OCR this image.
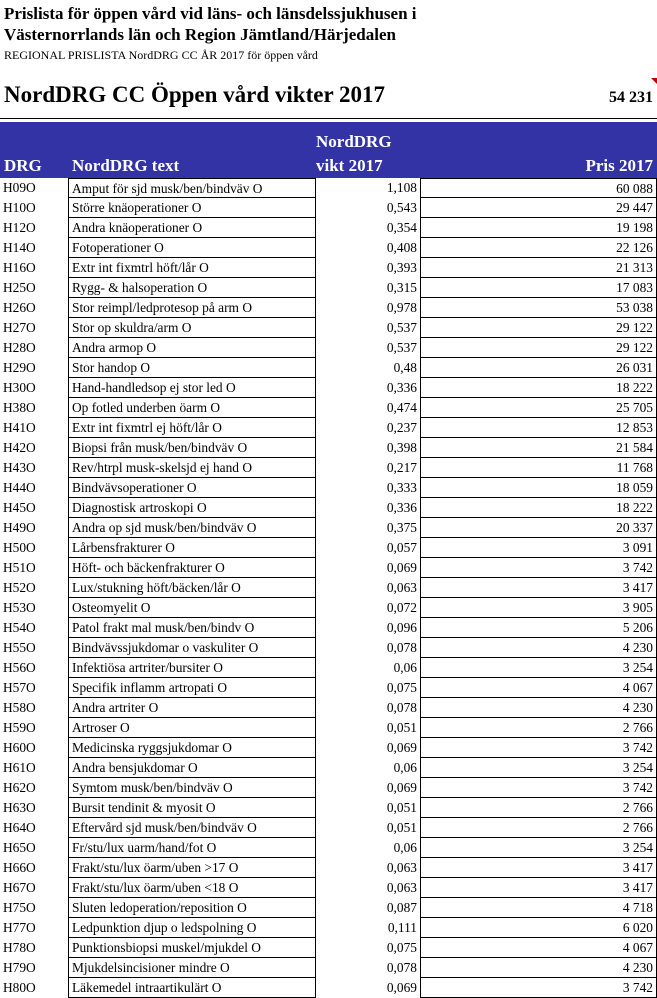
Prislista för öppen vård vid läns- och länsdelssjukhusen i
Västernorrlands län och Region Jämtland/Härjedalen
REGIONAL PRISLISTA NordDRG CC ÅR 2017 för öppen vård
NordDRG CC Öppen vård vikter 2017	54 231
DRG NordDRG text
NordDRG
vikt 2017	Pris 2017
H09O	Amput för sjd musk/ben/bindväv O	1,108	60 088
H10O	Större knäoperationer O	0,543	29 447
H12O	Andra knäoperationer O	0,354	19 198
H14O	Fotoperationer O	0,408	22 126
H16O	Extr int fixmtrl höft/lår O	0,393	21 313
H25O	Rygg- & halsoperation O	0,315	17 083
H26O	Stor reimpl/ledprotesop på arm O	0,978	53 038
H27O	Stor op skuldra/arm O	0,537	29 122
H28O	Andra armop O	0,537	29 122
H29O	Stor handop O	0,48	26 031
H30O	Hand-handledsop ej stor led O	0,336	18 222
H38O	Op fotled underben öarm O	0,474	25 705
H41O	Extr int fixmtrl ej höft/lår O	0,237	12 853
H42O	Biopsi från musk/ben/bindväv O	0,398	21 584
H43O	Rev/htrpl musk-skelsjd ej hand O	0,217	11 768
H44O	Bindvävsoperationer O	0,333	18 059
H45O	Diagnostisk artroskopi O	0,336	18 222
H49O	Andra op sjd musk/ben/bindväv O	0,375	20 337
H50O	Lårbensfrakturer O	0,057	3 091
H51O	Höft- och bäckenfrakturer O	0,069	3 742
H52O	Lux/stukning höft/bäcken/lår O	0,063	3 417
H53O	Osteomyelit O	0,072	3 905
H54O	Patol frakt mal musk/ben/bindv O	0,096	5 206
H55O	Bindvävssjukdomar o vaskuliter O	0,078	4 230
H56O	Infektiösa artriter/bursiter O	0,06	3 254
H57O	Specifik inflamm artropati O	0,075	4 067
H58O	Andra artriter O	0,078	4 230
H59O	Artroser O	0,051	2 766
H60O	Medicinska ryggsjukdomar O	0,069	3 742
H61O	Andra bensjukdomar O	0,06	3 254
H62O	Symtom musk/ben/bindväv O	0,069	3 742
H63O	Bursit tendinit & myosit O	0,051	2 766
H64O	Eftervård sjd musk/ben/bindväv O	0,051	2 766
H65O	Fr/stu/lux uarm/hand/fot O	0,06	3 254
H66O	Frakt/stu/lux öarm/uben >17 O	0,063	3 417
H67O	Frakt/stu/lux öarm/uben <18 O	0,063	3 417
H75O	Sluten ledoperation/reposition O	0,087	4 718
H77O	Ledpunktion djup o ledspolning O	0,111	6 020
H78O	Punktionsbiopsi muskel/mjukdel O	0,075	4 067
H79O	Mjukdelsincisioner mindre O	0,078	4 230
H80O	Läkemedel intraartikulärt O	0,069	3 742
